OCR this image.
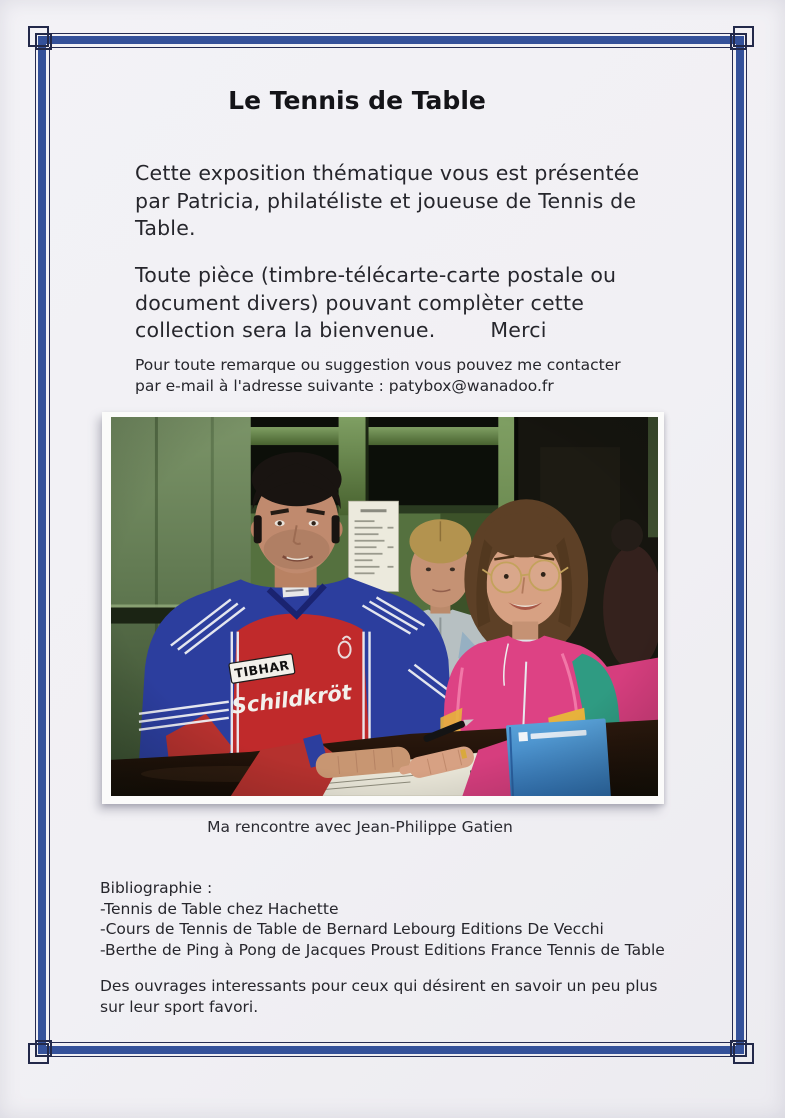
Le Tennis de Table
Cette exposition thématique vous est présentée
par Patricia, philatéliste et joueuse de Tennis de
Table.
Toute pièce (timbre-télécarte-carte postale ou
document divers) pouvant complèter cette
collection sera la bienvenue.	Merci
Pour toute remarque ou suggestion vous pouvez me contacter
par e-mail à l'adresse suivante : patybox@wanadoo.fr
Ma rencontre avec Jean-Philippe Gatien
Bibliographie :
-Tennis de Table chez Hachette
-Cours de Tennis de Table de Bernard Lebourg Editions De Vecchi
-Berthe de Ping à Pong de Jacques Proust Editions France Tennis de Table
Des ouvrages interessants pour ceux qui désirent en savoir un peu plus
sur leur sport favori.
